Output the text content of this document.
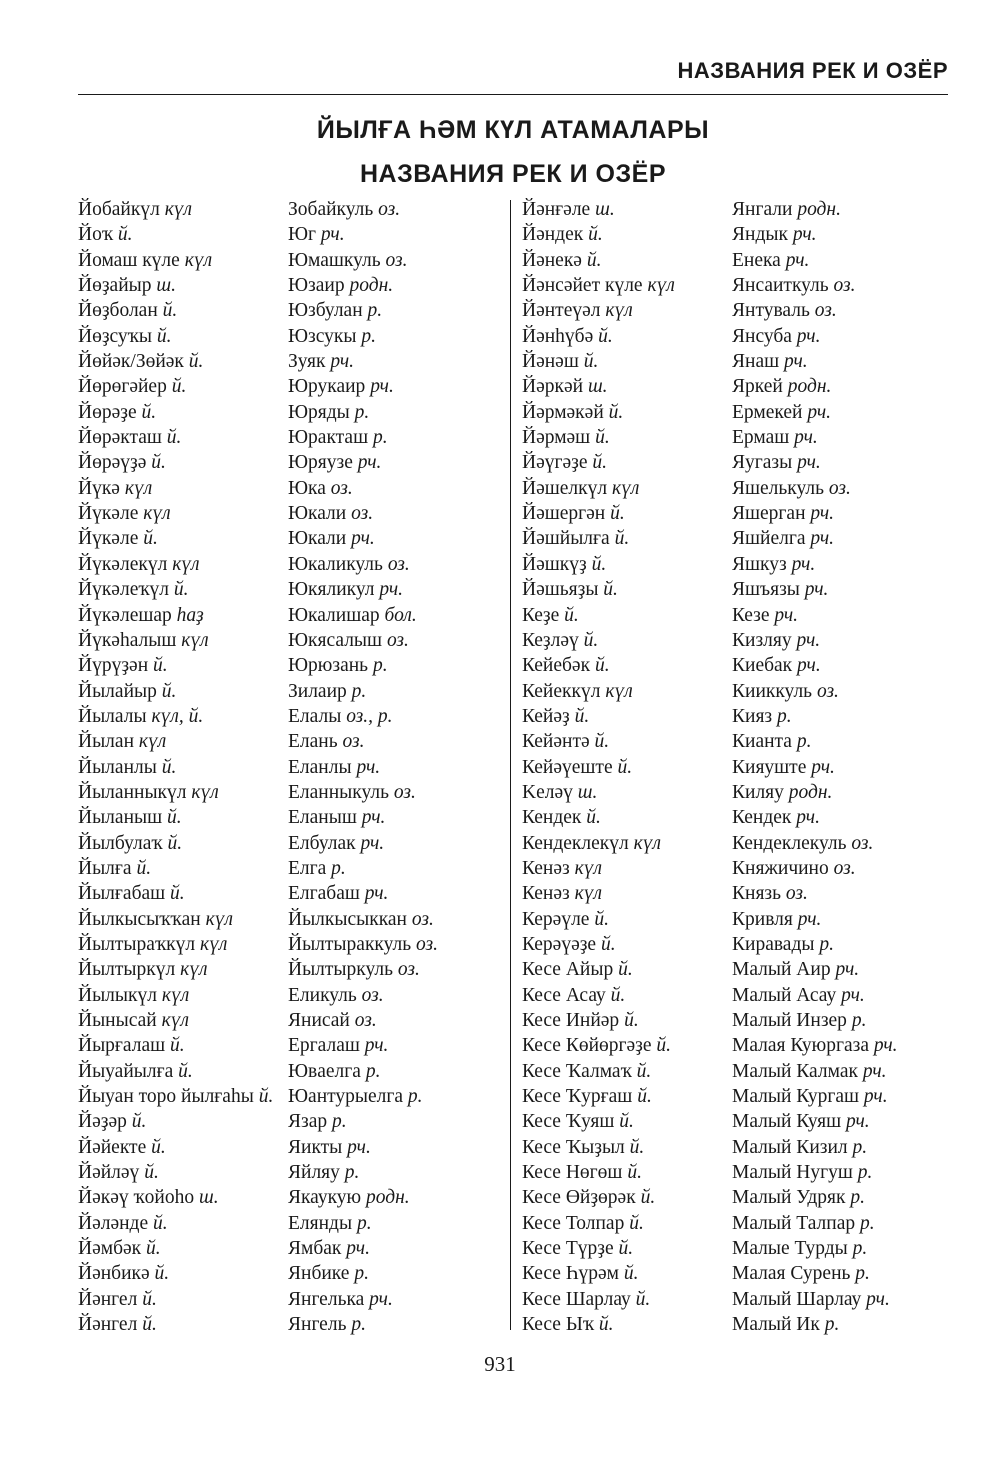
НАЗВАНИЯ РЕК И ОЗЁР
ЙЫЛҒА ҺӘМ КҮЛ АТАМАЛАРЫ
НАЗВАНИЯ РЕК И ОЗЁР
Йобайкүл күл	Зобайкуль оз.
Йоҡ й.	Юг рч.
Йомаш күле күл	Юмашкуль оз.
Йөҙайыр ш.	Юзаир родн.
Йөҙболан й.	Юзбулан р.
Йөҙсуҡы й.	Юзсукы р.
Йөйәк/Зөйәк й.	Зуяк рч.
Йөрөгәйер й.	Юрукаир рч.
Йөрәҙе й.	Юряды р.
Йөрәкташ й.	Юракташ р.
Йөрәүҙә й.	Юряузе рч.
Йүкә күл	Юка оз.
Йүкәле күл	Юкали оз.
Йүкәле й.	Юкали рч.
Йүкәлекүл күл	Юкаликуль оз.
Йүкәлеҡүл й.	Юкяликул рч.
Йүкәлешар һаҙ	Юкалишар бол.
Йүкәһалыш күл	Юкясалыш оз.
Йүрүҙән й.	Юрюзань р.
Йылайыр й.	Зилаир р.
Йылалы күл, й.	Елалы оз., р.
Йылан күл	Елань оз.
Йыланлы й.	Еланлы рч.
Йыланныкүл күл	Еланныкуль оз.
Йыланыш й.	Еланыш рч.
Йылбулаҡ й.	Елбулак рч.
Йылға й.	Елга р.
Йылғабаш й.	Елгабаш рч.
Йылкысыҡҡан күл	Йылкысыккан оз.
Йылтыраҡкүл күл	Йылтыраккуль оз.
Йылтыркүл күл	Йылтыркуль оз.
Йылыкүл күл	Еликуль оз.
Йынысай күл	Янисай оз.
Йырғалаш й.	Ергалаш рч.
Йыуайылға й.	Ювaелга р.
Йыуан торо йылғаһы й. Юантурыелга р.
Йәҙәр й.	Язар р.
Йәйекте й.	Яикты рч.
Йәйләү й.	Яйляу р.
Йәкәү ҡойоһо ш.	Якаукую родн.
Йәләнде й.	Елянды р.
Йәмбәк й.	Ямбак рч.
Йәнбикә й.	Янбике р.
Йәнгел й.	Янгелька рч.
Йәнгел й.	Янгель р.
Йәнғәле ш.	Янгали родн.
Йәндек й.	Яндык рч.
Йәнекә й.	Енека рч.
Йәнсәйет күле күл	Янсаиткуль оз.
Йәнтеүәл күл	Янтуваль оз.
Йәнһүбә й.	Янсуба рч.
Йәнәш й.	Янаш рч.
Йәркәй ш.	Яркей родн.
Йәрмәкәй й.	Ермекей рч.
Йәрмәш й.	Ермаш рч.
Йәүгәҙе й.	Яугазы рч.
Йәшелкүл күл	Яшелькуль оз.
Йәшергән й.	Яшерган рч.
Йәшйылға й.	Яшйелга рч.
Йәшкүҙ й.	Яшкуз рч.
Йәшьяҙы й.	Яшъязы рч.
Кеҙе й.	Кезе рч.
Кеҙләү й.	Кизляу рч.
Кейебәк й.	Киебак рч.
Кейеккүл күл	Кииккуль оз.
Кейәҙ й.	Кияз р.
Кейәнтә й.	Кианта р.
Кейәүеште й.	Кияуште рч.
Keләү ш.	Киляу родн.
Кендек й.	Кендек рч.
Кендеклекүл күл	Кендеклекуль оз.
Кенәз күл	Княжичино оз.
Кенәз күл	Князь оз.
Керәүле й.	Кривля рч.
Керәүәҙе й.	Киравады р.
Кесе Айыр й.	Малый Аир рч.
Кесе Асау й.	Малый Асау рч.
Кесе Инйәр й.	Малый Инзер р.
Кесе Көйөргәҙе й.	Малая Куюргаза рч.
Кесе Ҡалмаҡ й.	Малый Калмак рч.
Кесе Ҡурғаш й.	Малый Кургаш рч.
Кесе Ҡуяш й.	Малый Куяш рч.
Кесе Ҡыҙыл й.	Малый Кизил р.
Кесе Нөгөш й.	Малый Нугуш р.
Кесе Өйҙөрәк й.	Малый Удряк р.
Кесе Толпар й.	Малый Талпар р.
Кесе Түрҙе й.	Малые Турды р.
Кесе Һүрәм й.	Малая Сурень р.
Кесе Шарлау й.	Малый Шарлау рч.
Кесе Ыҡ й.	Малый Ик р.
931
